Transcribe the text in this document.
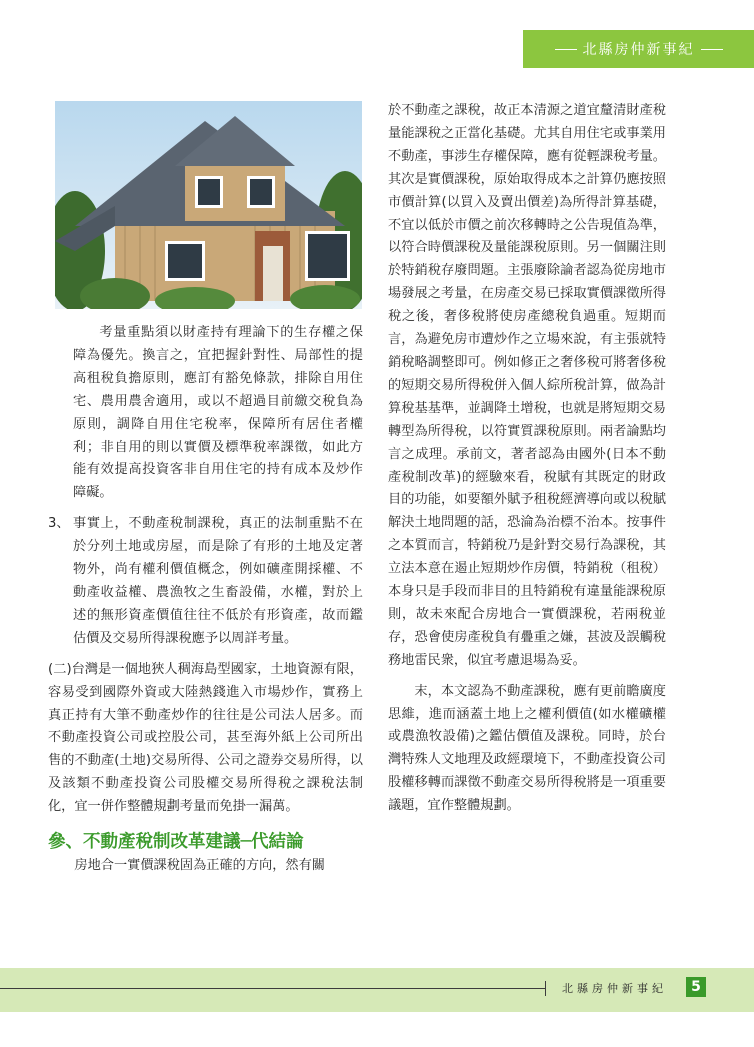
北縣房仲新事紀

考量重點須以財產持有理論下的生存權之保障為優先。換言之，宜把握針對性、局部性的提高租稅負擔原則，應訂有豁免條款，排除自用住宅、農用農舍適用，或以不超過目前繳交稅負為原則，調降自用住宅稅率，保障所有居住者權利；非自用的則以實價及標準稅率課徵，如此方能有效提高投資客非自用住宅的持有成本及炒作障礙。

3、 事實上，不動產稅制課稅，真正的法制重點不在於分列土地或房屋，而是除了有形的土地及定著物外，尚有權利價值概念，例如礦產開採權、不動產收益權、農漁牧之生畜設備，水權，對於上述的無形資產價值往往不低於有形資產，故而鑑估價及交易所得課稅應予以周詳考量。

(二)台灣是一個地狹人稠海島型國家，土地資源有限，容易受到國際外資或大陸熱錢進入市場炒作，實務上真正持有大筆不動產炒作的往往是公司法人居多。而不動產投資公司或控股公司，甚至海外紙上公司所出售的不動產(土地)交易所得、公司之證券交易所得，以及該類不動產投資公司股權交易所得稅之課稅法制化，宜一併作整體規劃考量而免掛一漏萬。

參、不動產稅制改革建議─代結論

房地合一實價課稅固為正確的方向，然有關

於不動產之課稅，故正本清源之道宜釐清財產稅量能課稅之正當化基礎。尤其自用住宅或事業用不動產，事涉生存權保障，應有從輕課稅考量。其次是實價課稅，原始取得成本之計算仍應按照市價計算(以買入及賣出價差)為所得計算基礎，不宜以低於市價之前次移轉時之公告現值為準，以符合時價課稅及量能課稅原則。另一個關注則於特銷稅存廢問題。主張廢除論者認為從房地市場發展之考量，在房產交易已採取實價課徵所得稅之後，奢侈稅將使房產總稅負過重。短期而言，為避免房市遭炒作之立場來說，有主張就特銷稅略調整即可。例如修正之奢侈稅可將奢侈稅的短期交易所得稅併入個人綜所稅計算，做為計算稅基基準，並調降土增稅，也就是將短期交易轉型為所得稅，以符實質課稅原則。兩者論點均言之成理。承前文，著者認為由國外(日本不動產稅制改革)的經驗來看，稅賦有其既定的財政目的功能，如要額外賦予租稅經濟導向或以稅賦解決土地問題的話，恐淪為治標不治本。按事件之本質而言，特銷稅乃是針對交易行為課稅，其立法本意在遏止短期炒作房價，特銷稅（租稅）本身只是手段而非目的且特銷稅有違量能課稅原則，故未來配合房地合一實價課稅，若兩稅並存，恐會使房產稅負有疊重之嫌，甚波及誤觸稅務地雷民衆，似宜考慮退場為妥。

末，本文認為不動產課稅，應有更前瞻廣度思維，進而涵蓋土地上之權利價值(如水權礦權或農漁牧設備)之鑑估價值及課稅。同時，於台灣特殊人文地理及政經環境下，不動產投資公司股權移轉而課徵不動產交易所得稅將是一項重要議題，宜作整體規劃。

北縣房仲新事紀	5
